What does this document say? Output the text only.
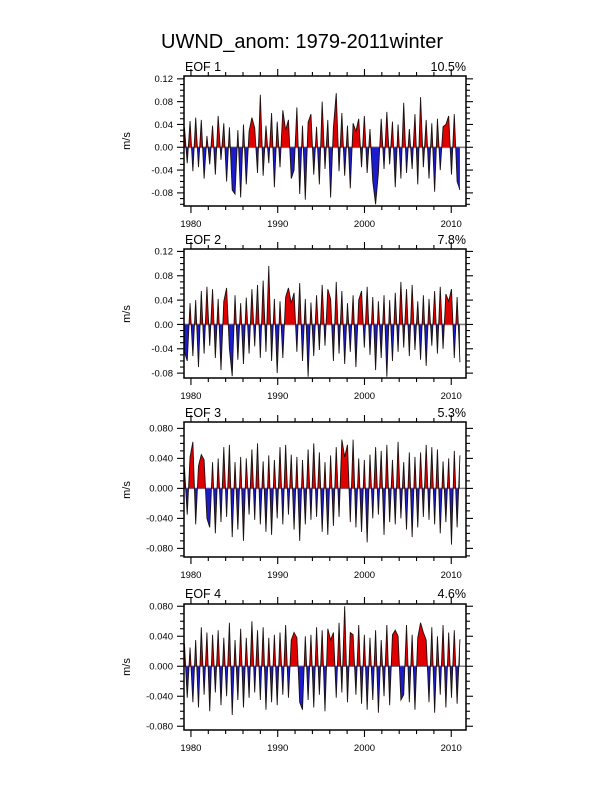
UWND_anom: 1979-2011winter
EOF 1	10.5%
m/s
1980	1990	2000	2010
0.12
0.08
0.04
0.00
-0.04
-0.08
EOF 2	7.8%
m/s
1980	1990	2000	2010
0.12
0.08
0.04
0.00
-0.04
-0.08
EOF 3	5.3%
m/s
1980	1990	2000	2010
0.080
0.040
0.000
-0.040
-0.080
EOF 4	4.6%
m/s
1980	1990	2000	2010
0.080
0.040
0.000
-0.040
-0.080
